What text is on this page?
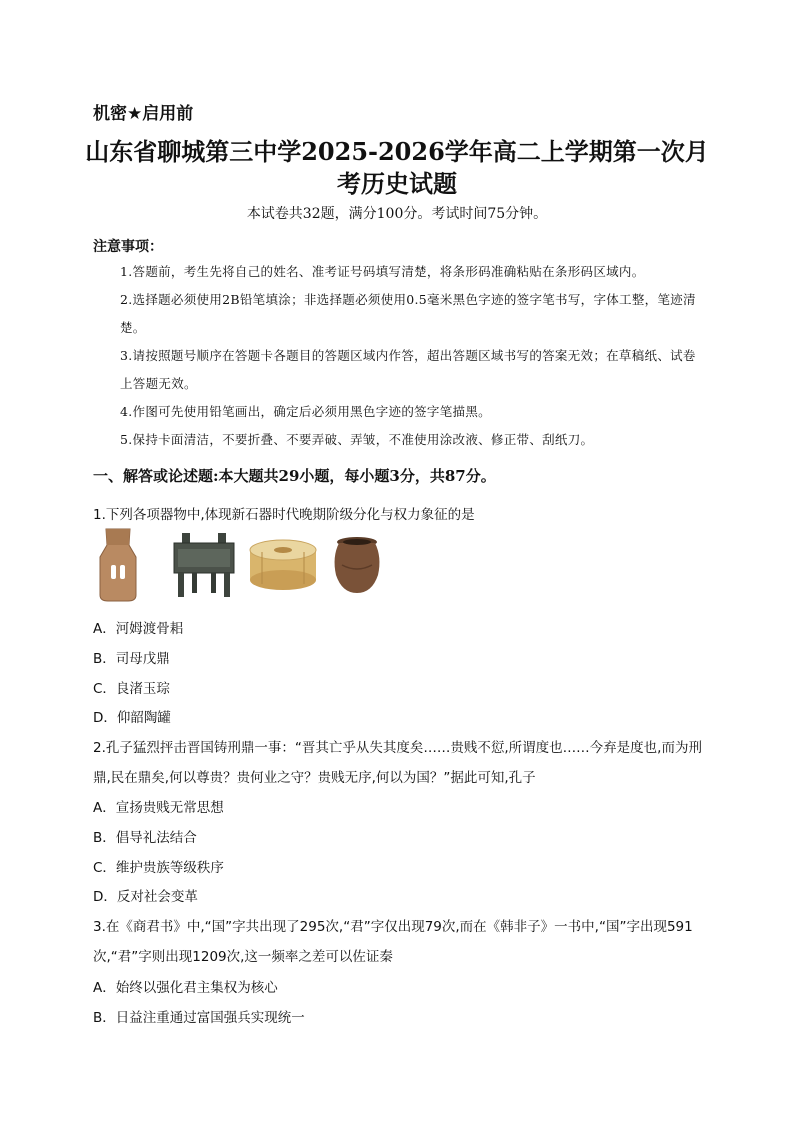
机密★启用前
山东省聊城第三中学2025-2026学年高二上学期第一次月
考历史试题
本试卷共32题，满分100分。考试时间75分钟。
注意事项：
1.答题前，考生先将自己的姓名、准考证号码填写清楚，将条形码准确粘贴在条形码区域内。
2.选择题必须使用2B铅笔填涂；非选择题必须使用0.5毫米黑色字迹的签字笔书写，字体工整，笔迹清楚。
3.请按照题号顺序在答题卡各题目的答题区域内作答，超出答题区域书写的答案无效；在草稿纸、试卷上答题无效。
4.作图可先使用铅笔画出，确定后必须用黑色字迹的签字笔描黑。
5.保持卡面清洁，不要折叠、不要弄破、弄皱，不准使用涂改液、修正带、刮纸刀。
一、解答或论述题:本大题共29小题，每小题3分，共87分。
1.下列各项器物中,体现新石器时代晚期阶级分化与权力象征的是
A．河姆渡骨耜
B．司母戊鼎
C．良渚玉琮
D．仰韶陶罐
2.孔子猛烈抨击晋国铸刑鼎一事：“晋其亡乎从失其度矣……贵贱不愆,所谓度也……今弃是度也,而为刑鼎,民在鼎矣,何以尊贵？贵何业之守？贵贱无序,何以为国？”据此可知,孔子
A．宣扬贵贱无常思想
B．倡导礼法结合
C．维护贵族等级秩序
D．反对社会变革
3.在《商君书》中,“国”字共出现了295次,“君”字仅出现79次,而在《韩非子》一书中,“国”字出现591次,“君”字则出现1209次,这一频率之差可以佐证秦
A．始终以强化君主集权为核心
B．日益注重通过富国强兵实现统一
